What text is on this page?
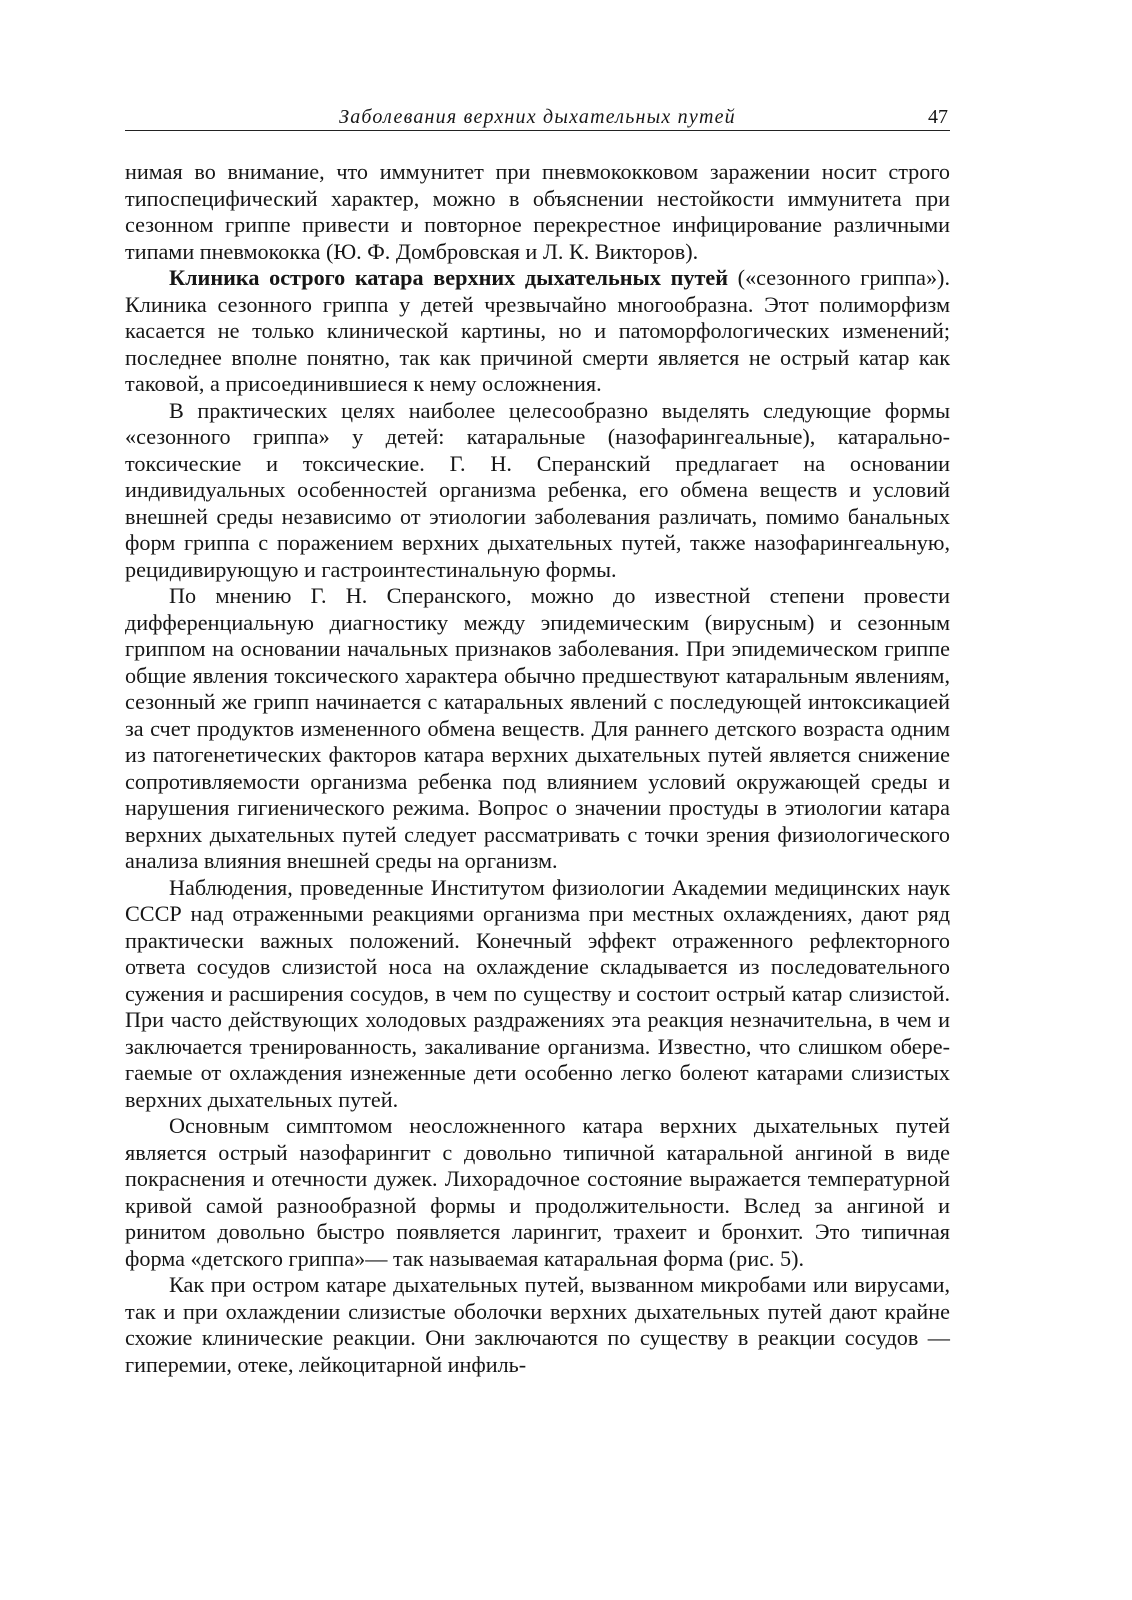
Заболевания верхних дыхательных путей	47

нимая во внимание, что иммунитет при пневмококковом заражении носит строго типоспецифический характер, можно в объяснении нестойкости иммунитета при сезонном гриппе привести и повторное перекрестное инфицирование различными типами пневмококка (Ю. Ф. Домбровская и Л. К. Викторов).

Клиника острого катара верхних дыхательных путей («сезонного гриппа»). Клиника сезонного гриппа у детей чрезвычайно многообразна. Этот полиморфизм касается не только клинической картины, но и патоморфологических изменений; последнее вполне понятно, так как причиной смерти является не острый катар как таковой, а присоединившиеся к нему осложнения.

В практических целях наиболее целесообразно выделять следующие формы «сезонного гриппа» у детей: катаральные (назофарингеальные), катарально-токсические и токсические. Г. Н. Сперанский предлагает на основании индивидуальных особенностей организма ребенка, его обмена веществ и условий внешней среды независимо от этиологии заболевания различать, помимо банальных форм гриппа с поражением верхних дыхательных путей, также назофарингеальную, рецидивирующую и гастроинтестинальную формы.

По мнению Г. Н. Сперанского, можно до известной степени провести дифференциальную диагностику между эпидемическим (вирусным) и сезонным гриппом на основании начальных признаков заболевания. При эпидемическом гриппе общие явления токсического характера обычно предшествуют катаральным явлениям, сезонный же грипп начинается с катаральных явлений с последующей интоксикацией за счет продуктов измененного обмена веществ. Для раннего детского возраста одним из патогенетических факторов катара верхних дыхательных путей является снижение сопротивляемости организма ребенка под влиянием условий окружающей среды и нарушения гигиенического режима. Вопрос о значении простуды в этиологии катара верхних дыхательных путей следует рассматривать с точки зрения физиологического анализа влияния внешней среды на организм.

Наблюдения, проведенные Институтом физиологии Академии медицинских наук СССР над отраженными реакциями организма при местных охлаждениях, дают ряд практически важных положений. Конечный эффект отраженного рефлекторного ответа сосудов слизистой носа на охлаждение складывается из последовательного сужения и расширения сосудов, в чем по существу и состоит острый катар слизистой. При часто действующих холодовых раздражениях эта реакция незначительна, в чем и заключается тренированность, закаливание организма. Известно, что слишком оберегаемые от охлаждения изнеженные дети особенно легко болеют катарами слизистых верхних дыхательных путей.

Основным симптомом неосложненного катара верхних дыхательных путей является острый назофарингит с довольно типичной катаральной ангиной в виде покраснения и отечности дужек. Лихорадочное состояние выражается температурной кривой самой разнообразной формы и продолжительности. Вслед за ангиной и ринитом довольно быстро появляется ларингит, трахеит и бронхит. Это типичная форма «детского гриппа»— так называемая катаральная форма (рис. 5).

Как при остром катаре дыхательных путей, вызванном микробами или вирусами, так и при охлаждении слизистые оболочки верхних дыхательных путей дают крайне схожие клинические реакции. Они заключаются по существу в реакции сосудов — гиперемии, отеке, лейкоцитарной инфиль-
